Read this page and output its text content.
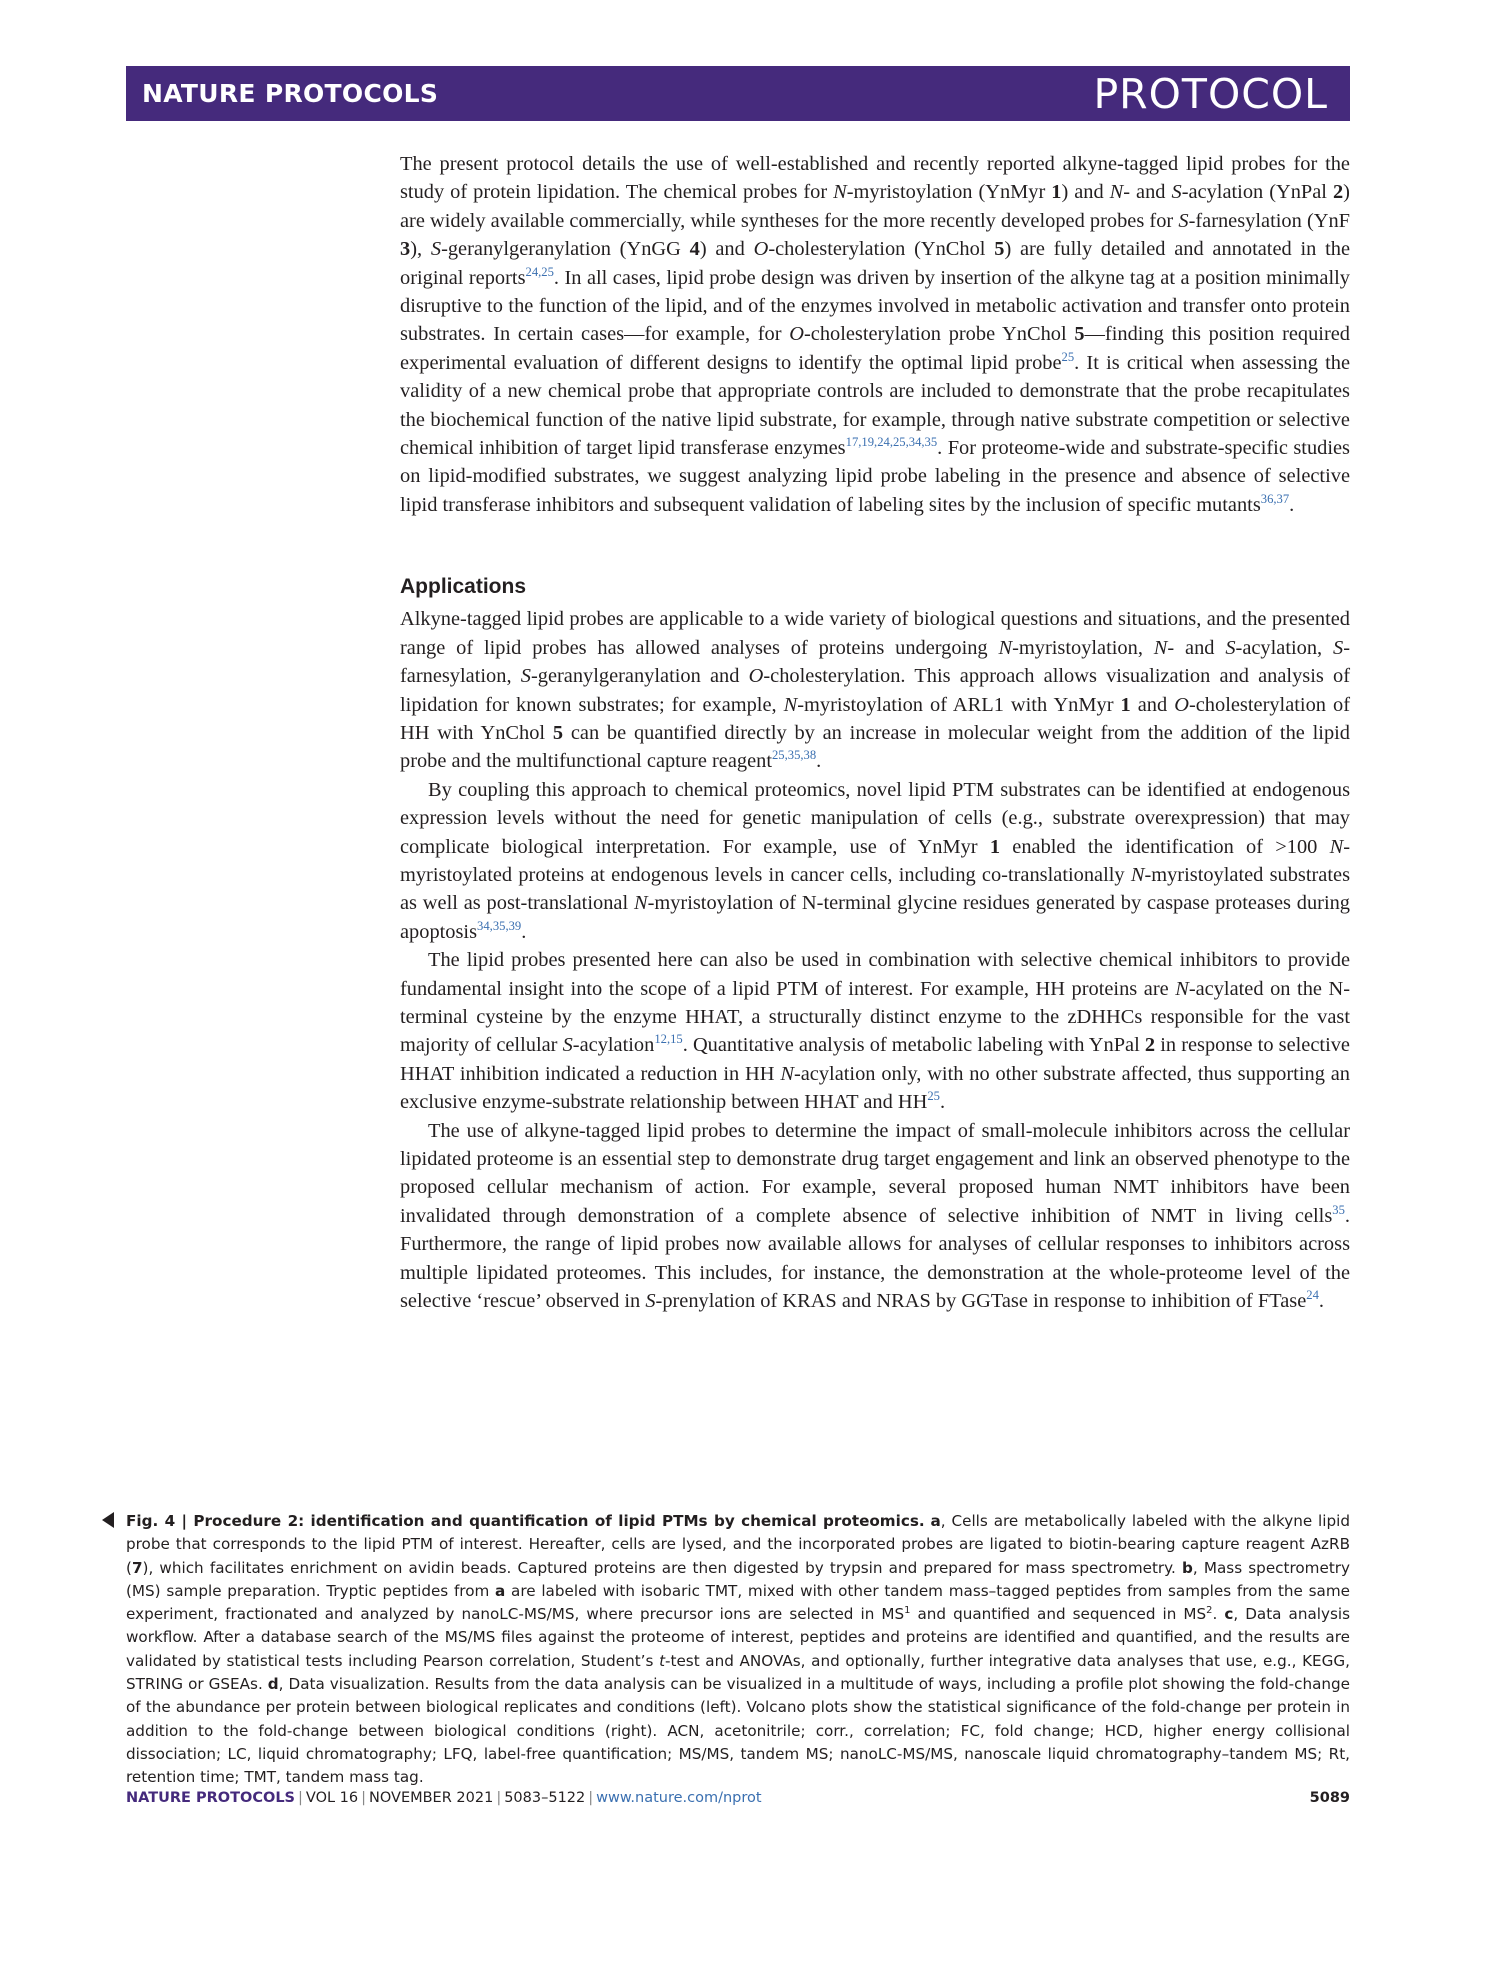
NATURE PROTOCOLS	PROTOCOL

The present protocol details the use of well-established and recently reported alkyne-tagged lipid probes for the study of protein lipidation. The chemical probes for N-myristoylation (YnMyr 1) and N- and S-acylation (YnPal 2) are widely available commercially, while syntheses for the more recently developed probes for S-farnesylation (YnF 3), S-geranylgeranylation (YnGG 4) and O-cholesterylation (YnChol 5) are fully detailed and annotated in the original reports$^{24,25}$. In all cases, lipid probe design was driven by insertion of the alkyne tag at a position minimally disruptive to the function of the lipid, and of the enzymes involved in metabolic activation and transfer onto protein substrates. In certain cases—for example, for O-cholesterylation probe YnChol 5—finding this position required experimental evaluation of different designs to identify the optimal lipid probe$^{25}$. It is critical when assessing the validity of a new chemical probe that appropriate controls are included to demonstrate that the probe recapitulates the biochemical function of the native lipid substrate, for example, through native substrate competition or selective chemical inhibition of target lipid transferase enzymes$^{17,19,24,25,34,35}$. For proteome-wide and substrate-specific studies on lipid-modified substrates, we suggest analyzing lipid probe labeling in the presence and absence of selective lipid transferase inhibitors and subsequent validation of labeling sites by the inclusion of specific mutants$^{36,37}$.

Applications

Alkyne-tagged lipid probes are applicable to a wide variety of biological questions and situations, and the presented range of lipid probes has allowed analyses of proteins undergoing N-myristoylation, N- and S-acylation, S-farnesylation, S-geranylgeranylation and O-cholesterylation. This approach allows visualization and analysis of lipidation for known substrates; for example, N-myristoylation of ARL1 with YnMyr 1 and O-cholesterylation of HH with YnChol 5 can be quantified directly by an increase in molecular weight from the addition of the lipid probe and the multifunctional capture reagent$^{25,35,38}$.

By coupling this approach to chemical proteomics, novel lipid PTM substrates can be identified at endogenous expression levels without the need for genetic manipulation of cells (e.g., substrate overexpression) that may complicate biological interpretation. For example, use of YnMyr 1 enabled the identification of >100 N-myristoylated proteins at endogenous levels in cancer cells, including co-translationally N-myristoylated substrates as well as post-translational N-myristoylation of N-terminal glycine residues generated by caspase proteases during apoptosis$^{34,35,39}$.

The lipid probes presented here can also be used in combination with selective chemical inhibitors to provide fundamental insight into the scope of a lipid PTM of interest. For example, HH proteins are N-acylated on the N-terminal cysteine by the enzyme HHAT, a structurally distinct enzyme to the zDHHCs responsible for the vast majority of cellular S-acylation$^{12,15}$. Quantitative analysis of metabolic labeling with YnPal 2 in response to selective HHAT inhibition indicated a reduction in HH N-acylation only, with no other substrate affected, thus supporting an exclusive enzyme-substrate relationship between HHAT and HH$^{25}$.

The use of alkyne-tagged lipid probes to determine the impact of small-molecule inhibitors across the cellular lipidated proteome is an essential step to demonstrate drug target engagement and link an observed phenotype to the proposed cellular mechanism of action. For example, several proposed human NMT inhibitors have been invalidated through demonstration of a complete absence of selective inhibition of NMT in living cells$^{35}$. Furthermore, the range of lipid probes now available allows for analyses of cellular responses to inhibitors across multiple lipidated proteomes. This includes, for instance, the demonstration at the whole-proteome level of the selective ‘rescue’ observed in S-prenylation of KRAS and NRAS by GGTase in response to inhibition of FTase$^{24}$.

Fig. 4 | Procedure 2: identification and quantification of lipid PTMs by chemical proteomics. a, Cells are metabolically labeled with the alkyne lipid probe that corresponds to the lipid PTM of interest. Hereafter, cells are lysed, and the incorporated probes are ligated to biotin-bearing capture reagent AzRB (7), which facilitates enrichment on avidin beads. Captured proteins are then digested by trypsin and prepared for mass spectrometry. b, Mass spectrometry (MS) sample preparation. Tryptic peptides from a are labeled with isobaric TMT, mixed with other tandem mass–tagged peptides from samples from the same experiment, fractionated and analyzed by nanoLC-MS/MS, where precursor ions are selected in $MS^1$ and quantified and sequenced in $MS^2$. c, Data analysis workflow. After a database search of the MS/MS files against the proteome of interest, peptides and proteins are identified and quantified, and the results are validated by statistical tests including Pearson correlation, Student’s t-test and ANOVAs, and optionally, further integrative data analyses that use, e.g., KEGG, STRING or GSEAs. d, Data visualization. Results from the data analysis can be visualized in a multitude of ways, including a profile plot showing the fold-change of the abundance per protein between biological replicates and conditions (left). Volcano plots show the statistical significance of the fold-change per protein in addition to the fold-change between biological conditions (right). ACN, acetonitrile; corr., correlation; FC, fold change; HCD, higher energy collisional dissociation; LC, liquid chromatography; LFQ, label-free quantification; MS/MS, tandem MS; nanoLC-MS/MS, nanoscale liquid chromatography–tandem MS; Rt, retention time; TMT, tandem mass tag.
NATURE PROTOCOLS | VOL 16 | NOVEMBER 2021 | 5083–5122 | www.nature.com/nprot	5089
